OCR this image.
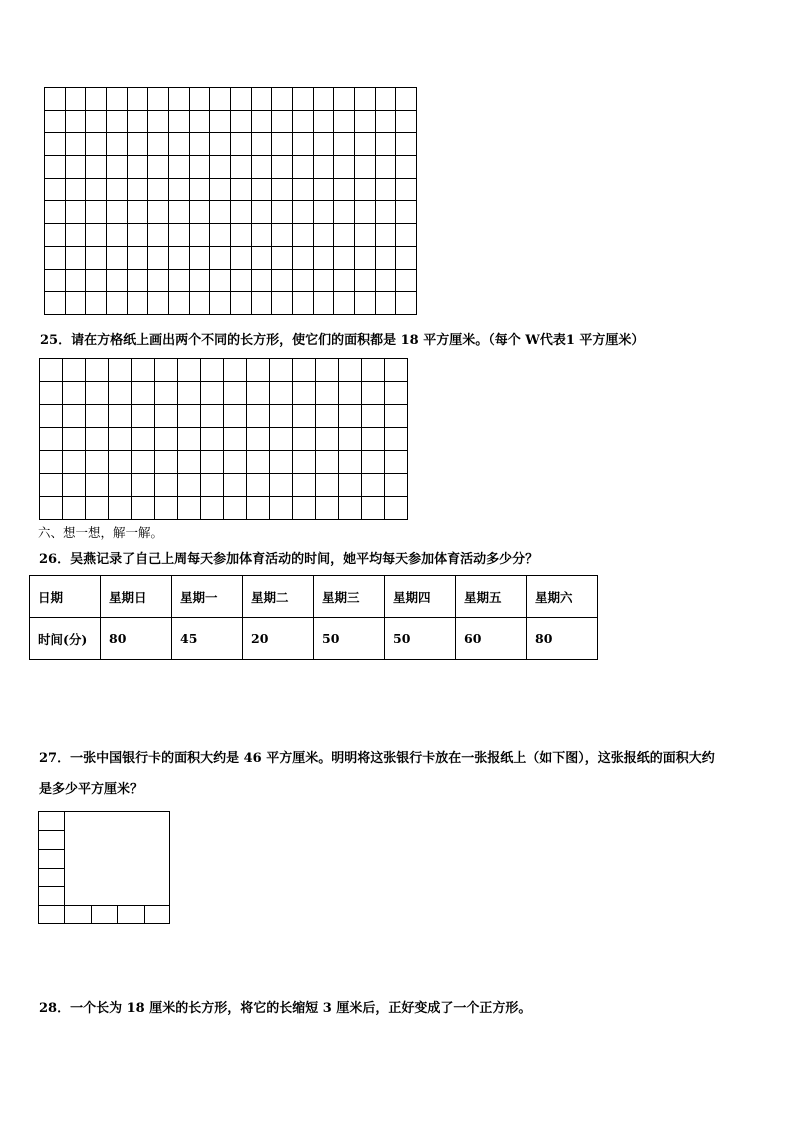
25．请在方格纸上画出两个不同的长方形，使它们的面积都是 18 平方厘米。（每个 W代表1 平方厘米）

六、想一想，解一解。
26．吴燕记录了自己上周每天参加体育活动的时间，她平均每天参加体育活动多少分？
日期	星期日	星期一	星期二	星期三	星期四	星期五	星期六
时间(分)	80	45	20	50	50	60	80
27．一张中国银行卡的面积大约是 46 平方厘米。明明将这张银行卡放在一张报纸上（如下图），这张报纸的面积大约
是多少平方厘米？
28．一个长为 18 厘米的长方形，将它的长缩短 3 厘米后，正好变成了一个正方形。
